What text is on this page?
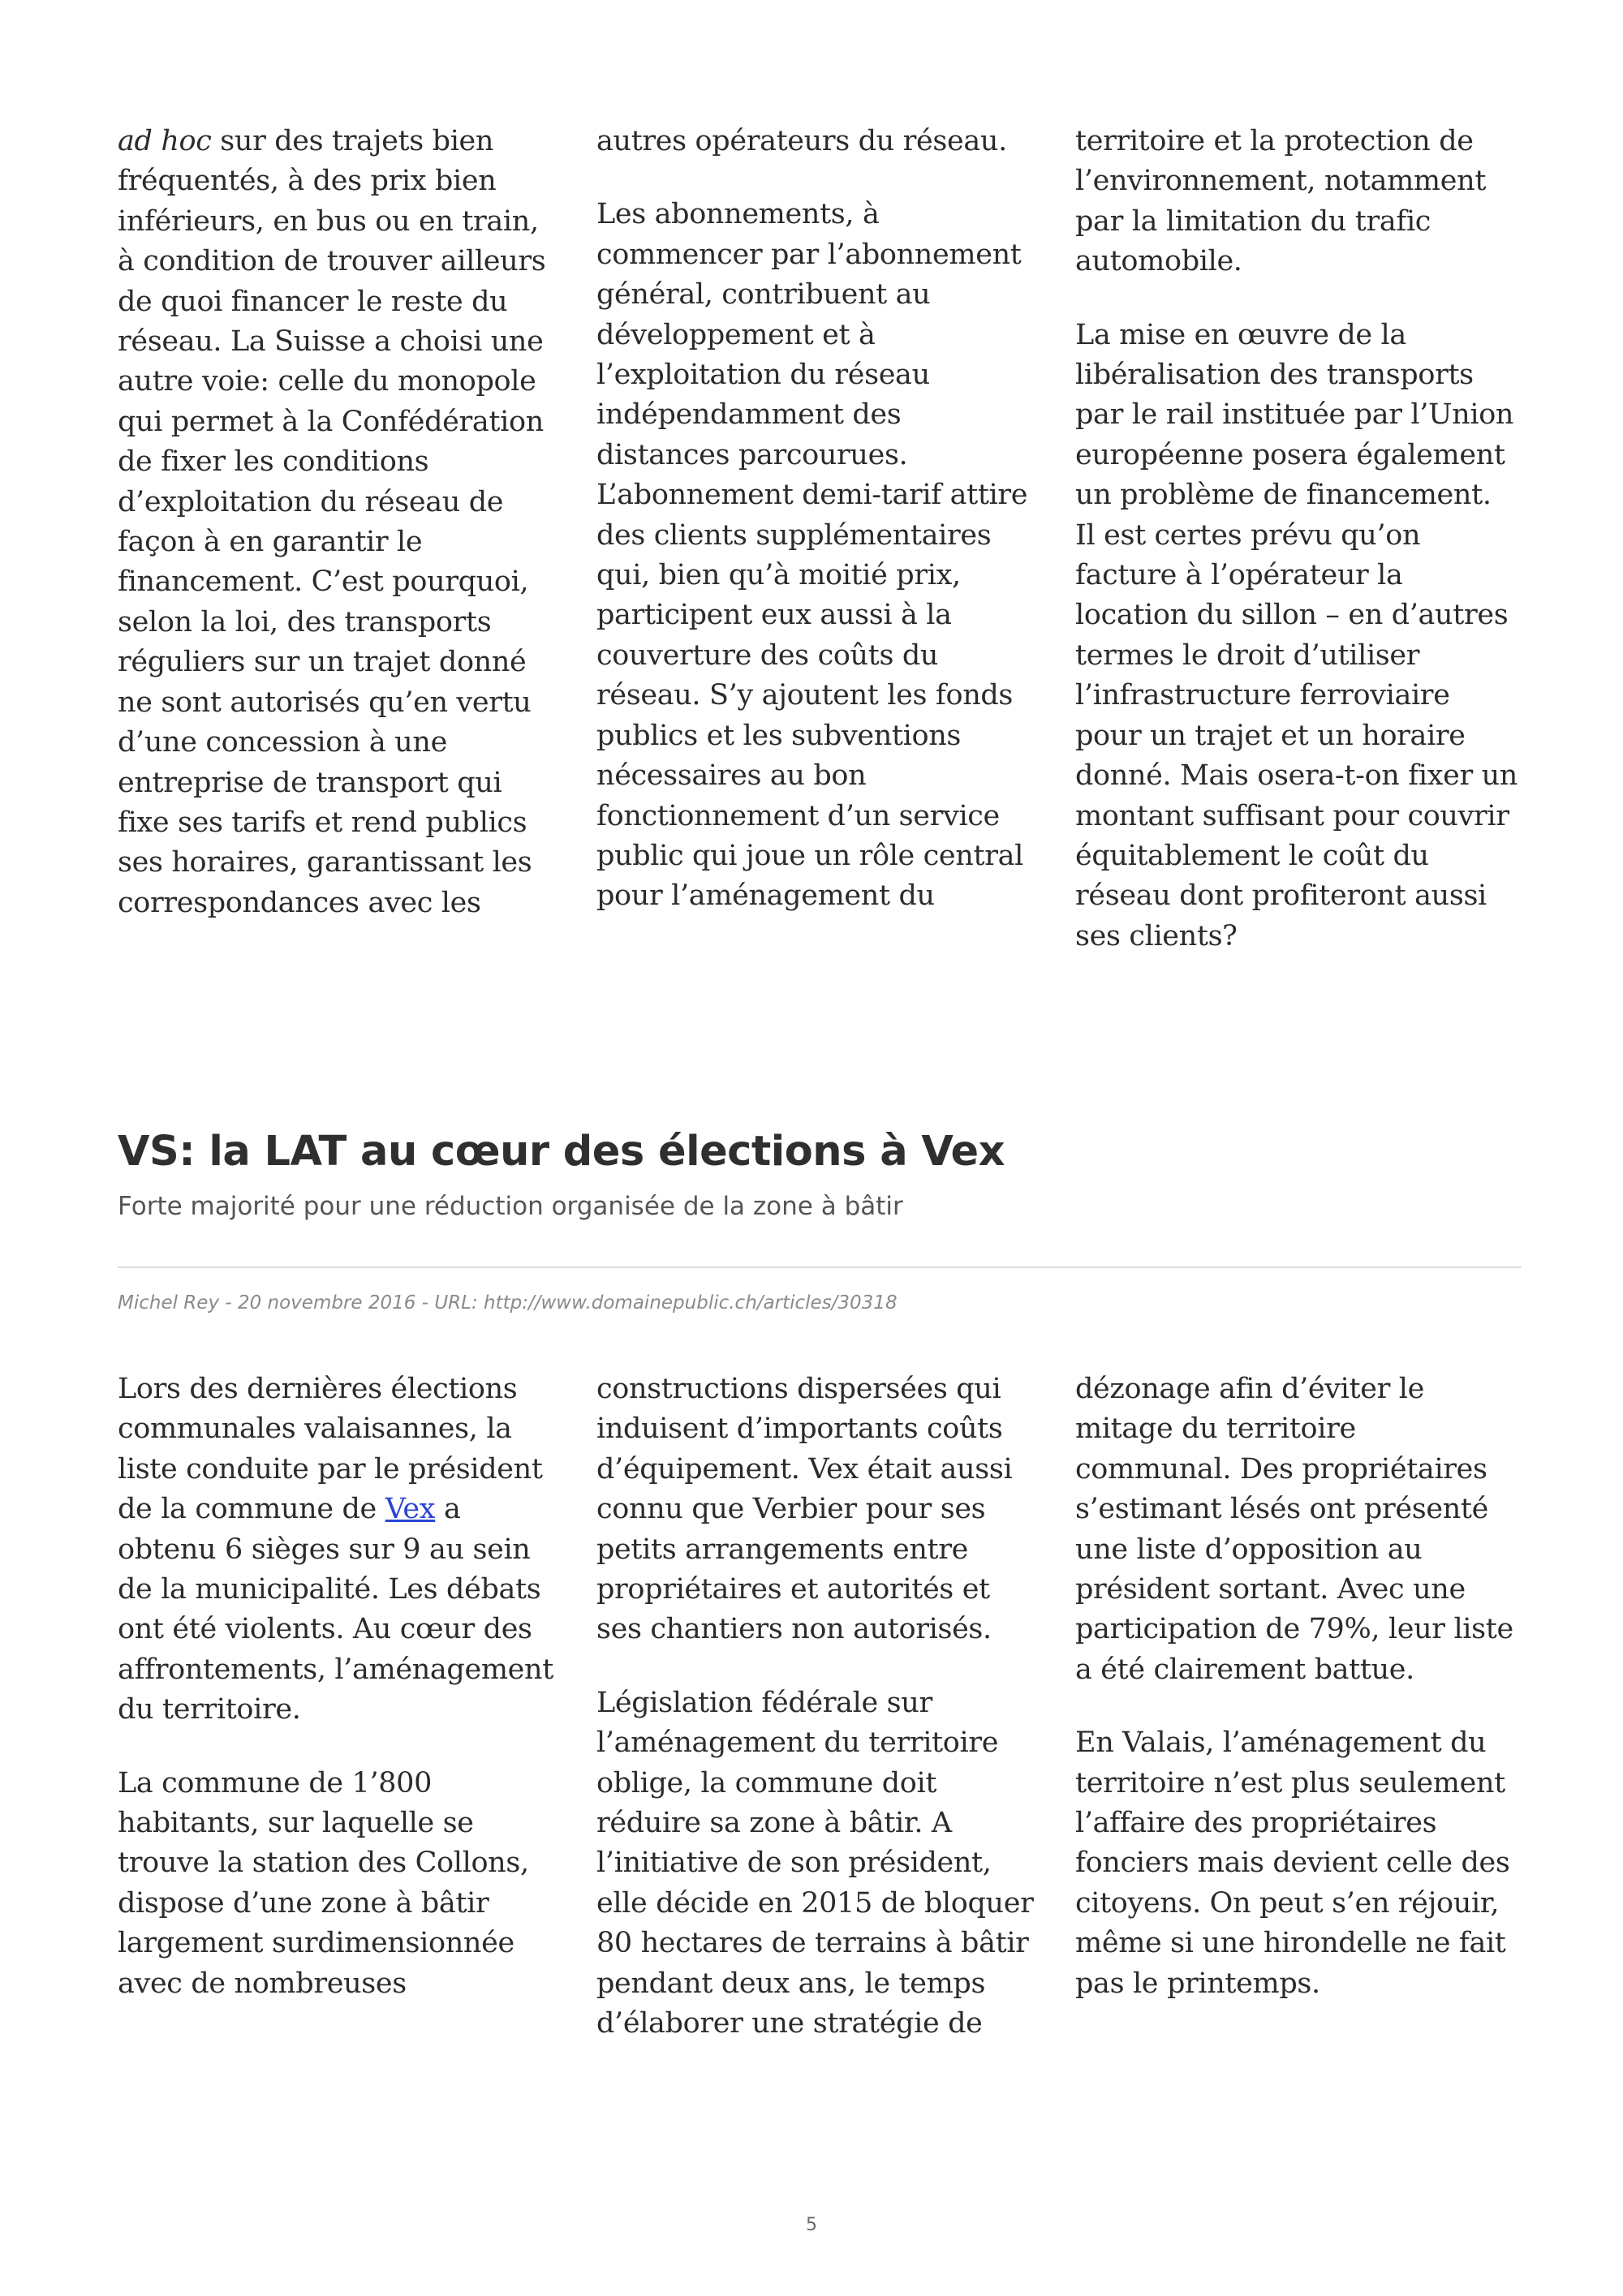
ad hoc sur des trajets bien fréquentés, à des prix bien inférieurs, en bus ou en train, à condition de trouver ailleurs de quoi financer le reste du réseau. La Suisse a choisi une autre voie: celle du monopole qui permet à la Confédération de fixer les conditions d’exploitation du réseau de façon à en garantir le financement. C’est pourquoi, selon la loi, des transports réguliers sur un trajet donné ne sont autorisés qu’en vertu d’une concession à une entreprise de transport qui fixe ses tarifs et rend publics ses horaires, garantissant les correspondances avec les

autres opérateurs du réseau.

Les abonnements, à commencer par l’abonnement général, contribuent au développement et à l’exploitation du réseau indépendamment des distances parcourues. L’abonnement demi-tarif attire des clients supplémentaires qui, bien qu’à moitié prix, participent eux aussi à la couverture des coûts du réseau. S’y ajoutent les fonds publics et les subventions nécessaires au bon fonctionnement d’un service public qui joue un rôle central pour l’aménagement du

territoire et la protection de l’environnement, notamment par la limitation du trafic automobile.

La mise en œuvre de la libéralisation des transports par le rail instituée par l’Union européenne posera également un problème de financement. Il est certes prévu qu’on facture à l’opérateur la location du sillon – en d’autres termes le droit d’utiliser l’infrastructure ferroviaire pour un trajet et un horaire donné. Mais osera-t-on fixer un montant suffisant pour couvrir équitablement le coût du réseau dont profiteront aussi ses clients?

VS: la LAT au cœur des élections à Vex
Forte majorité pour une réduction organisée de la zone à bâtir
Michel Rey - 20 novembre 2016 - URL: http://www.domainepublic.ch/articles/30318

Lors des dernières élections communales valaisannes, la liste conduite par le président de la commune de Vex a obtenu 6 sièges sur 9 au sein de la municipalité. Les débats ont été violents. Au cœur des affrontements, l’aménagement du territoire.

La commune de 1’800 habitants, sur laquelle se trouve la station des Collons, dispose d’une zone à bâtir largement surdimensionnée avec de nombreuses

constructions dispersées qui induisent d’importants coûts d’équipement. Vex était aussi connu que Verbier pour ses petits arrangements entre propriétaires et autorités et ses chantiers non autorisés.

Législation fédérale sur l’aménagement du territoire oblige, la commune doit réduire sa zone à bâtir. A l’initiative de son président, elle décide en 2015 de bloquer 80 hectares de terrains à bâtir pendant deux ans, le temps d’élaborer une stratégie de

dézonage afin d’éviter le mitage du territoire communal. Des propriétaires s’estimant lésés ont présenté une liste d’opposition au président sortant. Avec une participation de 79%, leur liste a été clairement battue.

En Valais, l’aménagement du territoire n’est plus seulement l’affaire des propriétaires fonciers mais devient celle des citoyens. On peut s’en réjouir, même si une hirondelle ne fait pas le printemps.

5
